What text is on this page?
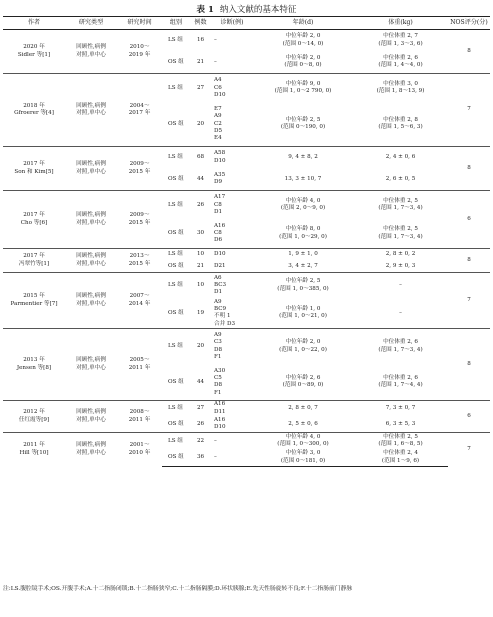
表 1 纳入文献的基本特征
作者	研究类型	研究时间	组别	例数	诊断(例)	年龄(d)	体重(kg)	NOS评分(分)
2020 年
Sidler 等[1]	回顾性,病例
对照,单中心	2010～
2019 年	LS 组	16	–	中位年龄 2, 0
(范围 0～14, 0)	中位体重 2, 7
(范围 1, 3～3, 6)	8
			OS 组	21	–	中位年龄 2, 0
(范围 0～8, 0)	中位体重 2, 6
(范围 1, 4～4, 0)	
2018 年
Gfroerer 等[4]	回顾性,病例
对照,单中心	2004～
2017 年	LS 组	27	A4
C6
D10	中位年龄 9, 0
(范围 1, 0～2 790, 0)	中位体重 3, 0
(范围 1, 8～13, 9)	7
			OS 组	20	E7
A9
C2
D5
E4	中位年龄 2, 5
(范围 0～190, 0)	中位体重 2, 8
(范围 1, 5～6, 3)	
2017 年
Son 和 Kim[5]	回顾性,病例
对照,单中心	2009～
2015 年	LS 组	68	A58
D10	9, 4 ± 8, 2	2, 4 ± 0, 6	8
			OS 组	44	A35
D9	13, 3 ± 10, 7	2, 6 ± 0, 5	
2017 年
Cho 等[6]	回顾性,病例
对照,单中心	2009～
2015 年	LS 组	26	A17
C8
D1	中位年龄 4, 0
(范围 2, 0～9, 0)	中位体重 2, 5
(范围 1, 7～3, 4)	6
			OS 组	30	A16
C8
D6	中位年龄 8, 0
(范围 1, 0～29, 0)	中位体重 2, 5
(范围 1, 7～3, 4)	
2017 年
冯翠竹等[1]	回顾性,病例
对照,单中心	2013～
2015 年	LS 组	10	D10	1, 9 ± 1, 0	2, 8 ± 0, 2	8
			OS 组	21	D21	3, 4 ± 2, 7	2, 9 ± 0, 3	
2015 年
Parmentier 等[7]	回顾性,病例
对照,单中心	2007～
2014 年	LS 组	10	A6
BC3
D1	中位年龄 2, 5
(范围 1, 0～385, 0)	–	7
			OS 组	19	A9
BC9
不明 1
合并 D3	中位年龄 1, 0
(范围 1, 0～21, 0)	–	
2013 年
Jensen 等[8]	回顾性,病例
对照,单中心	2005～
2011 年	LS 组	20	A9
C3
D8
F1	中位年龄 2, 0
(范围 1, 0～22, 0)	中位体重 2, 6
(范围 1, 7～3, 4)	8
			OS 组	44	A30
C5
D8
F1	中位年龄 2, 6
(范围 0～89, 0)	中位体重 2, 6
(范围 1, 7～4, 4)	
2012 年
任红霞等[9]	回顾性,病例
对照,单中心	2008～
2011 年	LS 组	27	A16
D11	2, 8 ± 0, 7	7, 3 ± 0, 7	6
			OS 组	26	A16
D10	2, 5 ± 0, 6	6, 3 ± 5, 3	
2011 年
Hill 等[10]	回顾性,病例
对照,单中心	2001～
2010 年	LS 组	22	–	中位年龄 4, 0
(范围 1, 0～300, 0)	中位体重 2, 5
(范围 1, 6～8, 5)	7
			OS 组	36	–	中位年龄 3, 0
(范围 0～181, 0)	中位体重 2, 4
(范围 1～9, 6)	
注:LS.腹腔镜手术;OS.开腹手术;A.十二指肠闭锁;B.十二指肠狭窄;C.十二指肠隔膜;D.环状胰腺;E.先天性肠旋转不良;F.十二指肠前门静脉
